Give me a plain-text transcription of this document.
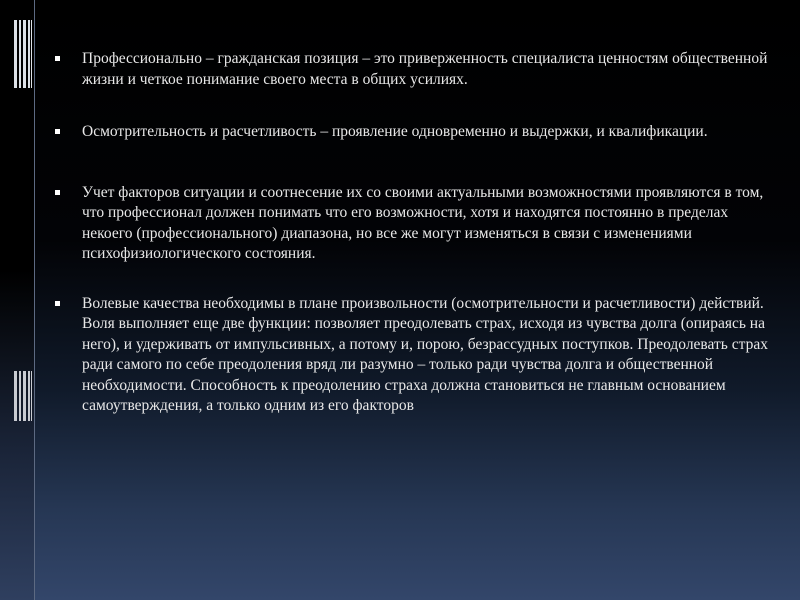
Профессионально – гражданская позиция – это приверженность специалиста ценностям общественной жизни и четкое понимание своего места в общих усилиях.
Осмотрительность и расчетливость – проявление одновременно и выдержки, и квалификации.
Учет факторов ситуации и соотнесение их со своими актуальными возможностями проявляются в том, что профессионал должен понимать что его возможности, хотя и находятся постоянно в пределах некоего (профессионального) диапазона, но все же могут изменяться в связи с изменениями психофизиологического состояния.
Волевые качества необходимы в плане произвольности (осмотрительности и расчетливости) действий. Воля выполняет еще две функции: позволяет преодолевать страх, исходя из чувства долга (опираясь на него), и удерживать от импульсивных, а потому и, порою, безрассудных поступков. Преодолевать страх ради самого по себе преодоления вряд ли разумно – только ради чувства долга и общественной необходимости. Способность к преодолению страха должна становиться не главным основанием самоутверждения, а только одним из его факторов
